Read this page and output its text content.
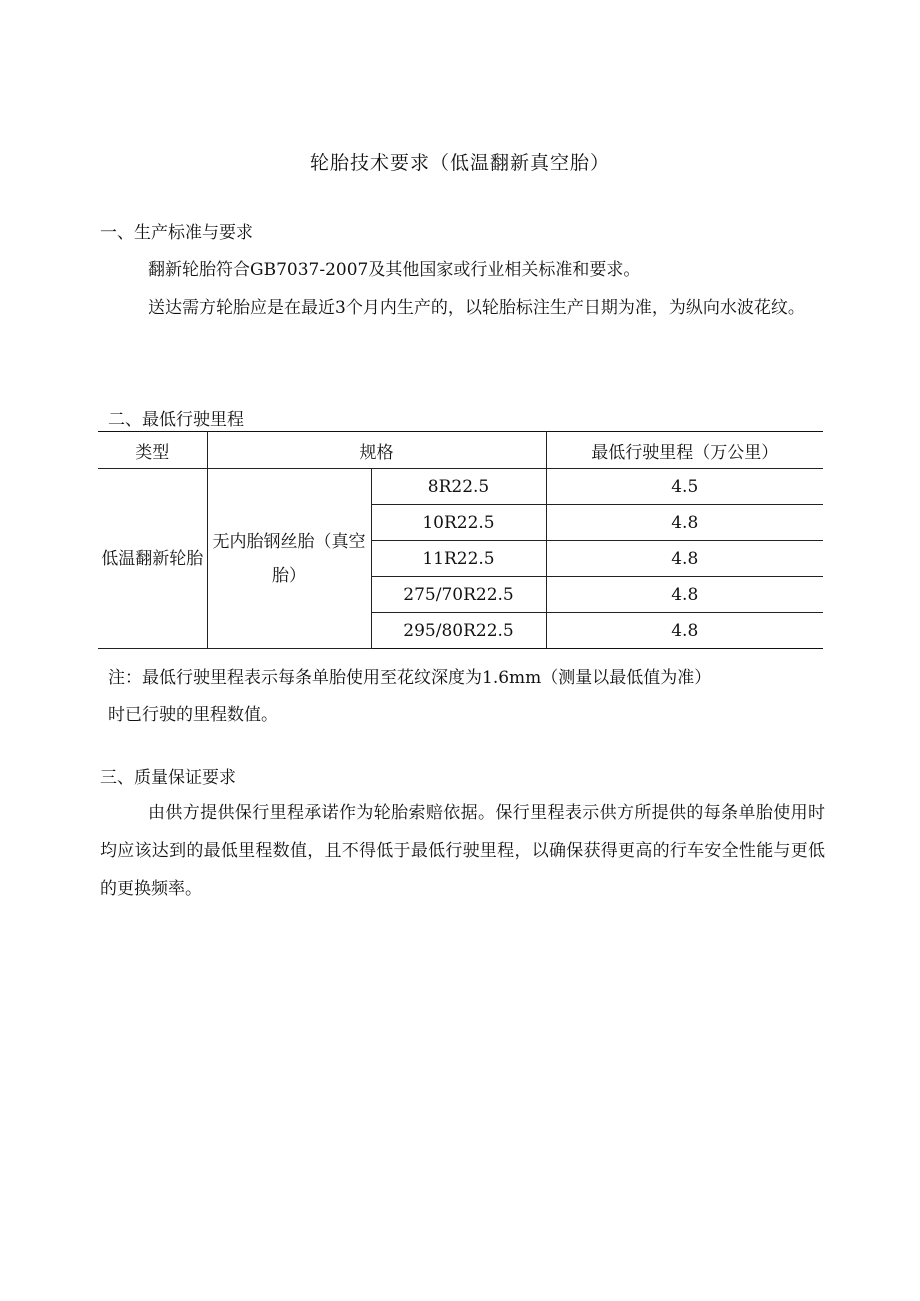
轮胎技术要求（低温翻新真空胎）
一、生产标准与要求
翻新轮胎符合GB7037-2007及其他国家或行业相关标准和要求。
送达需方轮胎应是在最近3个月内生产的，以轮胎标注生产日期为准，为纵向水波花纹。
二、最低行驶里程
类型	规格		最低行驶里程（万公里）
低温翻新轮胎	无内胎钢丝胎（真空胎）	8R22.5	4.5
		10R22.5	4.8
		11R22.5	4.8
		275/70R22.5	4.8
		295/80R22.5	4.8
注：最低行驶里程表示每条单胎使用至花纹深度为1.6mm（测量以最低值为准）
时已行驶的里程数值。
三、质量保证要求
由供方提供保行里程承诺作为轮胎索赔依据。保行里程表示供方所提供的每条单胎使用时均应该达到的最低里程数值，且不得低于最低行驶里程，以确保获得更高的行车安全性能与更低的更换频率。
